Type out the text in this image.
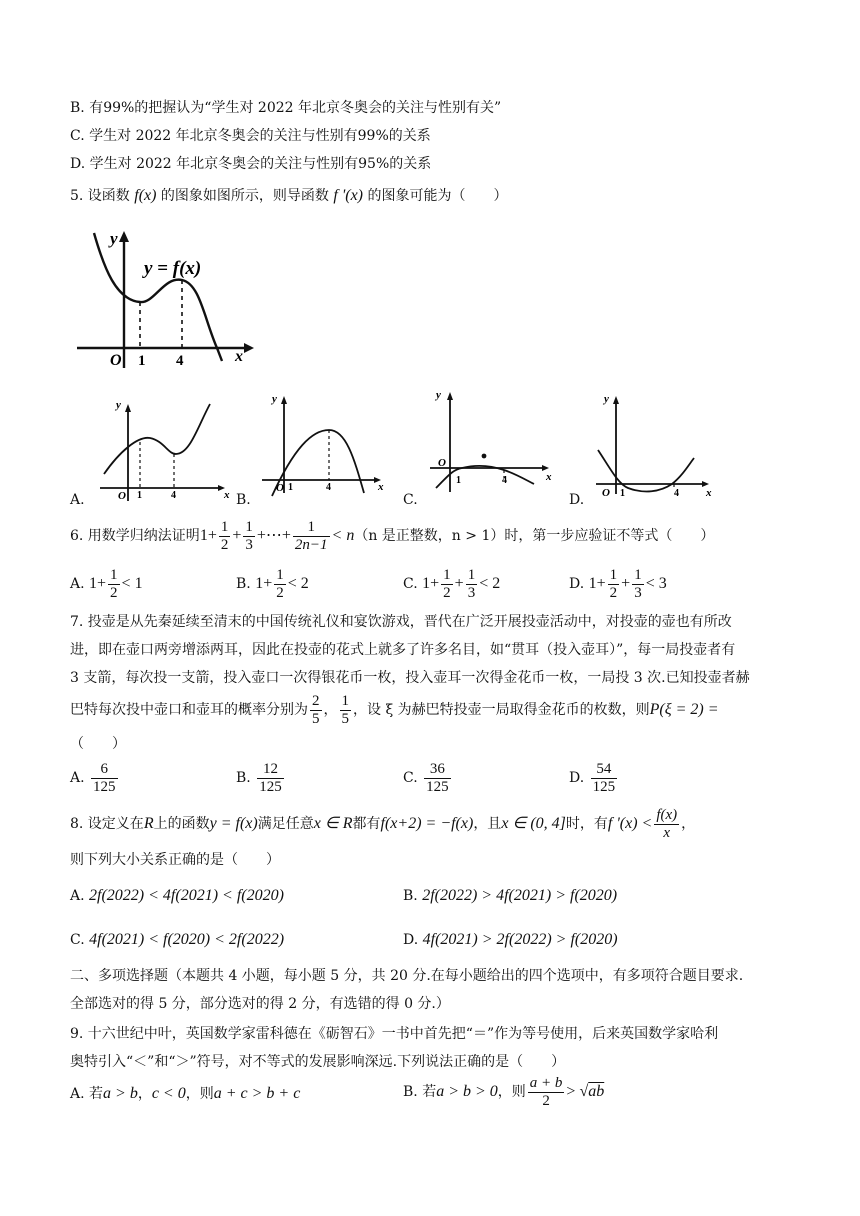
B. 有99%的把握认为“学生对 2022 年北京冬奥会的关注与性别有关”
C. 学生对 2022 年北京冬奥会的关注与性别有99%的关系
D. 学生对 2022 年北京冬奥会的关注与性别有95%的关系
5. 设函数 f(x) 的图象如图所示，则导函数 f '(x) 的图象可能为（　　）
y
y = f(x)
O 1 4	x
A.
y
O 1	4	x B.
y
O 1	4	x
C.
y
O
1	4	x
D.
y
O 1	4 x
6. 用数学归纳法证明$1+ \frac{1}{2} + \frac{1}{3}$ +⋯+ $\frac{1}{2n-1} < n(n$ 是正整数，n > 1）时，第一步应验证不等式（　　）
A. $1+ \frac{1}{2} < 1$	B. $1+ \frac{1}{2} < 2$	C. $1+ \frac{1}{2} + \frac{1}{3} < 2$	D. $1+ \frac{1}{2} + \frac{1}{3} < 3$
7. 投壶是从先秦延续至清末的中国传统礼仪和宴饮游戏，晋代在广泛开展投壶活动中，对投壶的壶也有所改
进，即在壶口两旁增添两耳，因此在投壶的花式上就多了许多名目，如“贯耳（投入壶耳）”，每一局投壶者有
3 支箭，每次投一支箭，投入壶口一次得银花币一枚，投入壶耳一次得金花币一枚，一局投 3 次.已知投壶者赫
巴特每次投中壶口和壶耳的概率分别为 $\frac{2}{5}$ ， $\frac{1}{5}$ ，设 ξ 为赫巴特投壶一局取得金花币的枚数，则P(ξ = 2) =
（　　）
A. $\frac{6}{125}$	B. $\frac{12}{125}$	C. $\frac{36}{125}$	D. $\frac{54}{125}$
8. 设定义在R上的函数y = f(x)满足任意x ∈ R都有f(x+2) = −f(x)，且x ∈ (0, 4]时，有f '$(x) < \frac{f(x)}{x}$ ，
则下列大小关系正确的是（　　）
A. 2f(2022) < 4f(2021) < f(2020)	B. 2f(2022) > 4f(2021) > f(2020)
C. 4f(2021) < f(2020) < 2f(2022)	D. 4f(2021) > 2f(2022) > f(2020)
二、多项选择题（本题共 4 小题，每小题 5 分，共 20 分.在每小题给出的四个选项中，有多项符合题目要求.
全部选对的得 5 分，部分选对的得 2 分，有选错的得 0 分.）
9. 十六世纪中叶，英国数学家雷科德在《砺智石》一书中首先把“＝”作为等号使用，后来英国数学家哈利
奥特引入“＜”和“＞”符号，对不等式的发展影响深远.下列说法正确的是（　　）
A. 若a > b，c < 0，则a + c > b + c	B. 若a > b > 0，则 $\frac{a + b}{2} > √ab$
